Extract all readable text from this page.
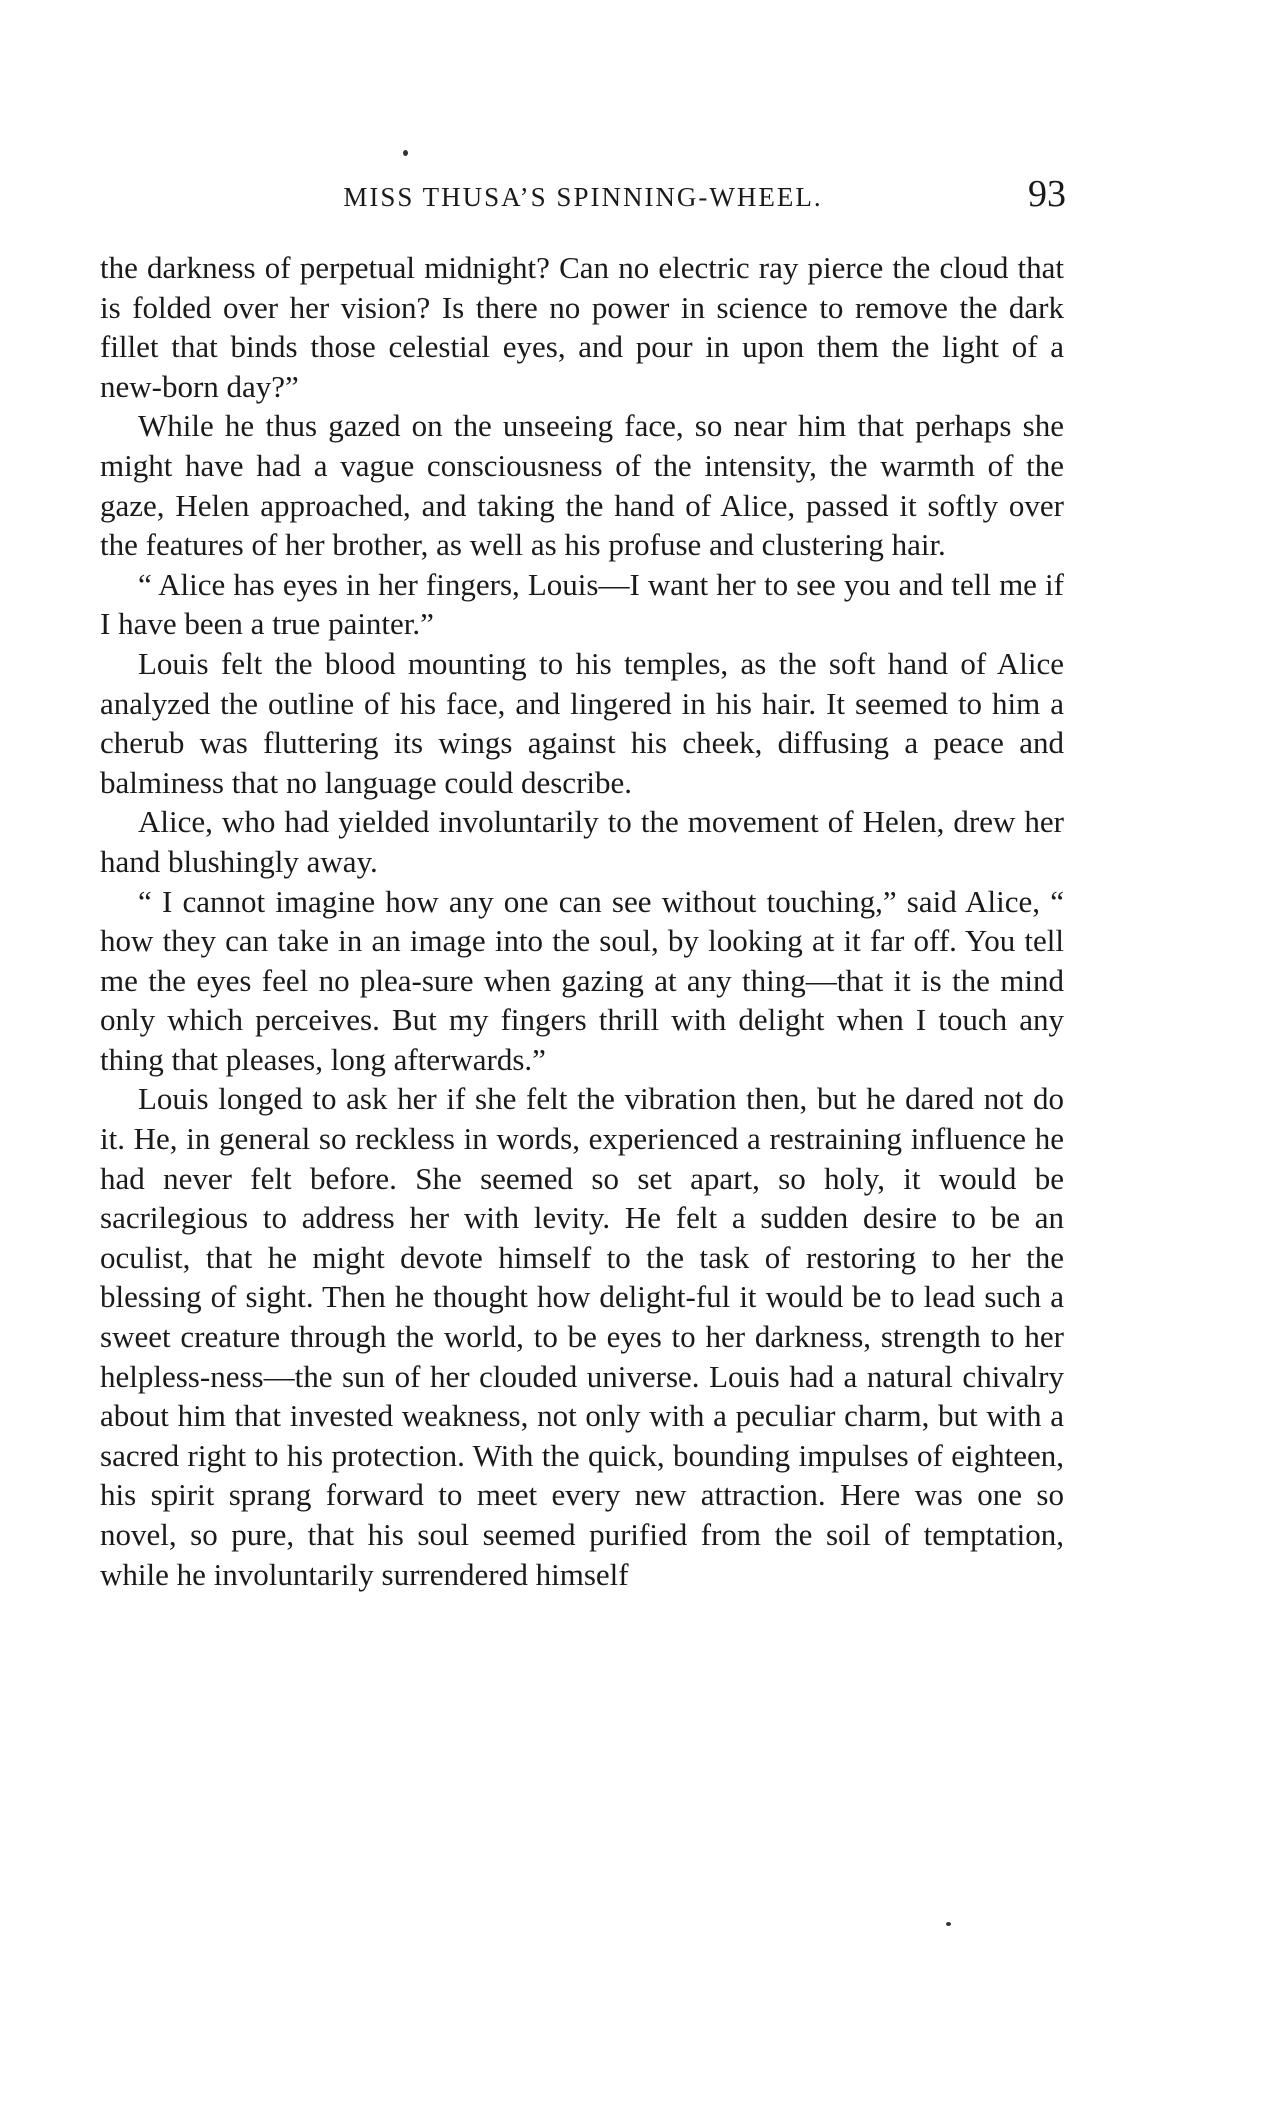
MISS THUSA’S SPINNING-WHEEL.	93

the darkness of perpetual midnight? Can no electric ray pierce the cloud that is folded over her vision? Is there no power in science to remove the dark fillet that binds those celestial eyes, and pour in upon them the light of a new-born day?”

While he thus gazed on the unseeing face, so near him that perhaps she might have had a vague consciousness of the intensity, the warmth of the gaze, Helen approached, and taking the hand of Alice, passed it softly over the features of her brother, as well as his profuse and clustering hair.

“ Alice has eyes in her fingers, Louis—I want her to see you and tell me if I have been a true painter.”

Louis felt the blood mounting to his temples, as the soft hand of Alice analyzed the outline of his face, and lingered in his hair. It seemed to him a cherub was fluttering its wings against his cheek, diffusing a peace and balminess that no language could describe.

Alice, who had yielded involuntarily to the movement of Helen, drew her hand blushingly away.

“ I cannot imagine how any one can see without touching,” said Alice, “ how they can take in an image into the soul, by looking at it far off. You tell me the eyes feel no plea-sure when gazing at any thing—that it is the mind only which perceives. But my fingers thrill with delight when I touch any thing that pleases, long afterwards.”

Louis longed to ask her if she felt the vibration then, but he dared not do it. He, in general so reckless in words, experienced a restraining influence he had never felt before. She seemed so set apart, so holy, it would be sacrilegious to address her with levity. He felt a sudden desire to be an oculist, that he might devote himself to the task of restoring to her the blessing of sight. Then he thought how delight-ful it would be to lead such a sweet creature through the world, to be eyes to her darkness, strength to her helpless-ness—the sun of her clouded universe. Louis had a natural chivalry about him that invested weakness, not only with a peculiar charm, but with a sacred right to his protection. With the quick, bounding impulses of eighteen, his spirit sprang forward to meet every new attraction. Here was one so novel, so pure, that his soul seemed purified from the soil of temptation, while he involuntarily surrendered himself
